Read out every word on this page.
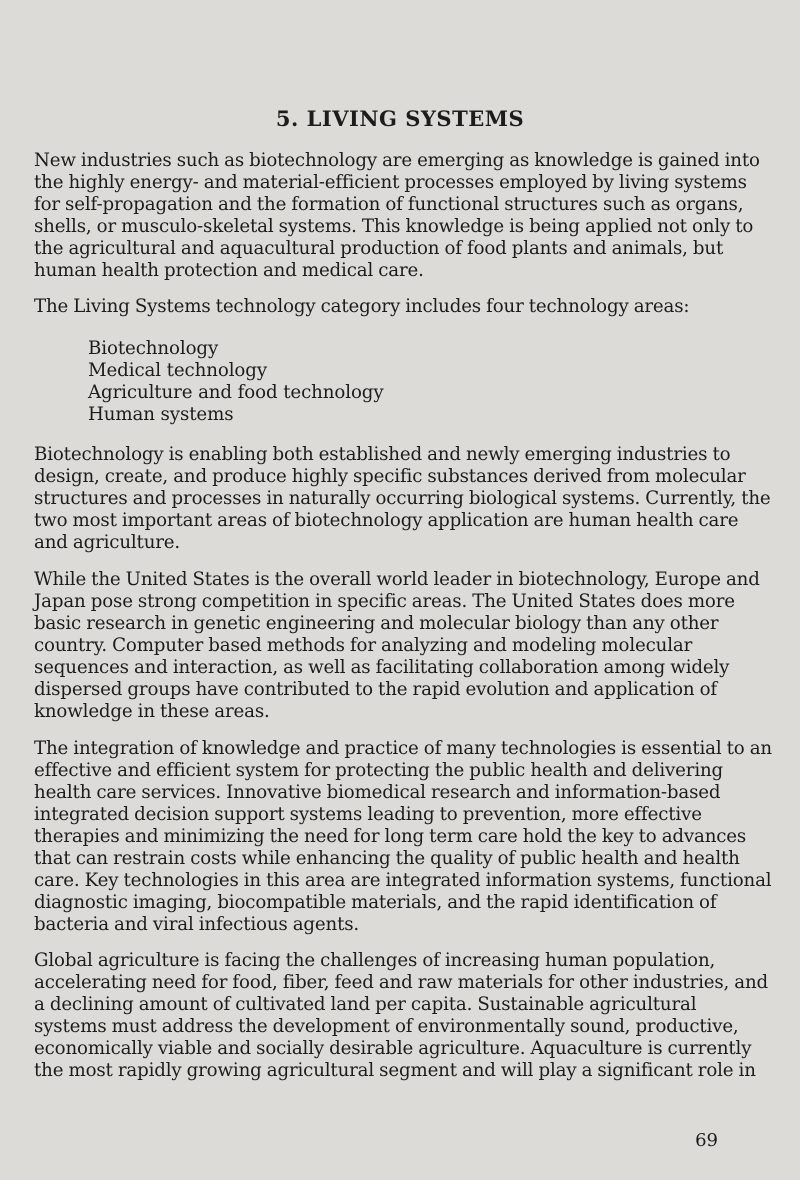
5. LIVING SYSTEMS

New industries such as biotechnology are emerging as knowledge is gained into
the highly energy- and material-efficient processes employed by living systems
for self-propagation and the formation of functional structures such as organs,
shells, or musculo-skeletal systems. This knowledge is being applied not only to
the agricultural and aquacultural production of food plants and animals, but
human health protection and medical care.

The Living Systems technology category includes four technology areas:

Biotechnology
Medical technology
Agriculture and food technology
Human systems

Biotechnology is enabling both established and newly emerging industries to
design, create, and produce highly specific substances derived from molecular
structures and processes in naturally occurring biological systems. Currently, the
two most important areas of biotechnology application are human health care
and agriculture.

While the United States is the overall world leader in biotechnology, Europe and
Japan pose strong competition in specific areas. The United States does more
basic research in genetic engineering and molecular biology than any other
country. Computer based methods for analyzing and modeling molecular
sequences and interaction, as well as facilitating collaboration among widely
dispersed groups have contributed to the rapid evolution and application of
knowledge in these areas.

The integration of knowledge and practice of many technologies is essential to an
effective and efficient system for protecting the public health and delivering
health care services. Innovative biomedical research and information-based
integrated decision support systems leading to prevention, more effective
therapies and minimizing the need for long term care hold the key to advances
that can restrain costs while enhancing the quality of public health and health
care. Key technologies in this area are integrated information systems, functional
diagnostic imaging, biocompatible materials, and the rapid identification of
bacteria and viral infectious agents.

Global agriculture is facing the challenges of increasing human population,
accelerating need for food, fiber, feed and raw materials for other industries, and
a declining amount of cultivated land per capita. Sustainable agricultural
systems must address the development of environmentally sound, productive,
economically viable and socially desirable agriculture. Aquaculture is currently
the most rapidly growing agricultural segment and will play a significant role in

69
